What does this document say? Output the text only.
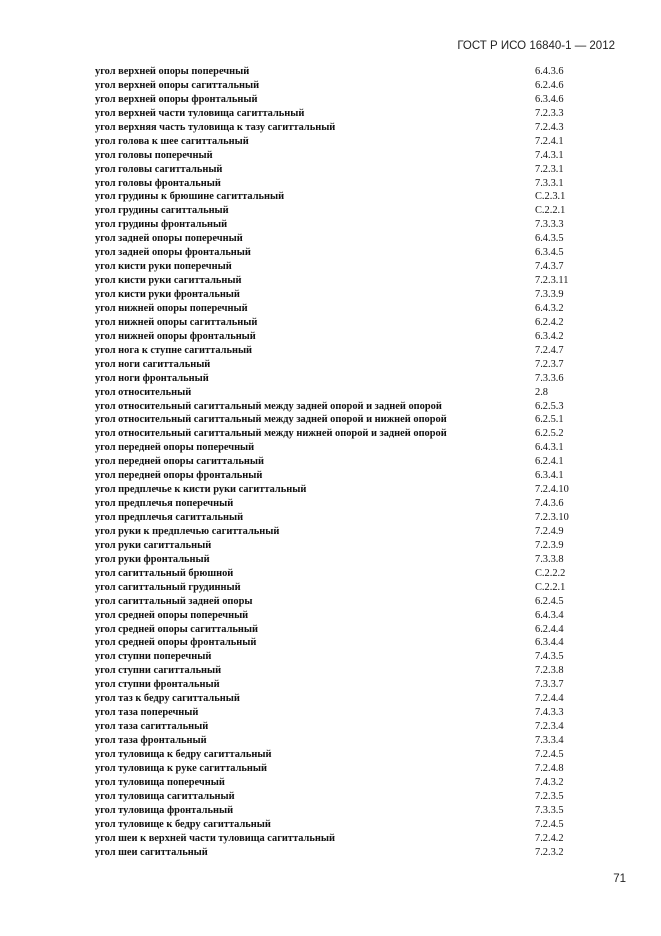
ГОСТ Р ИСО 16840-1 — 2012
угол верхней опоры поперечный	6.4.3.6
угол верхней опоры сагиттальный	6.2.4.6
угол верхней опоры фронтальный	6.3.4.6
угол верхней части туловища сагиттальный	7.2.3.3
угол верхняя часть туловища к тазу сагиттальный	7.2.4.3
угол голова к шее сагиттальный	7.2.4.1
угол головы поперечный	7.4.3.1
угол головы сагиттальный	7.2.3.1
угол головы фронтальный	7.3.3.1
угол грудины к брюшине сагиттальный	С.2.3.1
угол грудины сагиттальный	С.2.2.1
угол грудины фронтальный	7.3.3.3
угол задней опоры поперечный	6.4.3.5
угол задней опоры фронтальный	6.3.4.5
угол кисти руки поперечный	7.4.3.7
угол кисти руки сагиттальный	7.2.3.11
угол кисти руки фронтальный	7.3.3.9
угол нижней опоры поперечный	6.4.3.2
угол нижней опоры сагиттальный	6.2.4.2
угол нижней опоры фронтальный	6.3.4.2
угол нога к ступне сагиттальный	7.2.4.7
угол ноги сагиттальный	7.2.3.7
угол ноги фронтальный	7.3.3.6
угол относительный	2.8
угол относительный сагиттальный между задней опорой и задней опорой	6.2.5.3
угол относительный сагиттальный между задней опорой и нижней опорой	6.2.5.1
угол относительный сагиттальный между нижней опорой и задней опорой	6.2.5.2
угол передней опоры поперечный	6.4.3.1
угол передней опоры сагиттальный	6.2.4.1
угол передней опоры фронтальный	6.3.4.1
угол предплечье к кисти руки сагиттальный	7.2.4.10
угол предплечья поперечный	7.4.3.6
угол предплечья сагиттальный	7.2.3.10
угол руки к предплечью сагиттальный	7.2.4.9
угол руки сагиттальный	7.2.3.9
угол руки фронтальный	7.3.3.8
угол сагиттальный брюшной	С.2.2.2
угол сагиттальный грудинный	С.2.2.1
угол сагиттальный задней опоры	6.2.4.5
угол средней опоры поперечный	6.4.3.4
угол средней опоры сагиттальный	6.2.4.4
угол средней опоры фронтальный	6.3.4.4
угол ступни поперечный	7.4.3.5
угол ступни сагиттальный	7.2.3.8
угол ступни фронтальный	7.3.3.7
угол таз к бедру сагиттальный	7.2.4.4
угол таза поперечный	7.4.3.3
угол таза сагиттальный	7.2.3.4
угол таза фронтальный	7.3.3.4
угол туловища к бедру сагиттальный	7.2.4.5
угол туловища к руке сагиттальный	7.2.4.8
угол туловища поперечный	7.4.3.2
угол туловища сагиттальный	7.2.3.5
угол туловища фронтальный	7.3.3.5
угол туловище к бедру сагиттальный	7.2.4.5
угол шеи к верхней части туловища сагиттальный	7.2.4.2
угол шеи сагиттальный	7.2.3.2
71
